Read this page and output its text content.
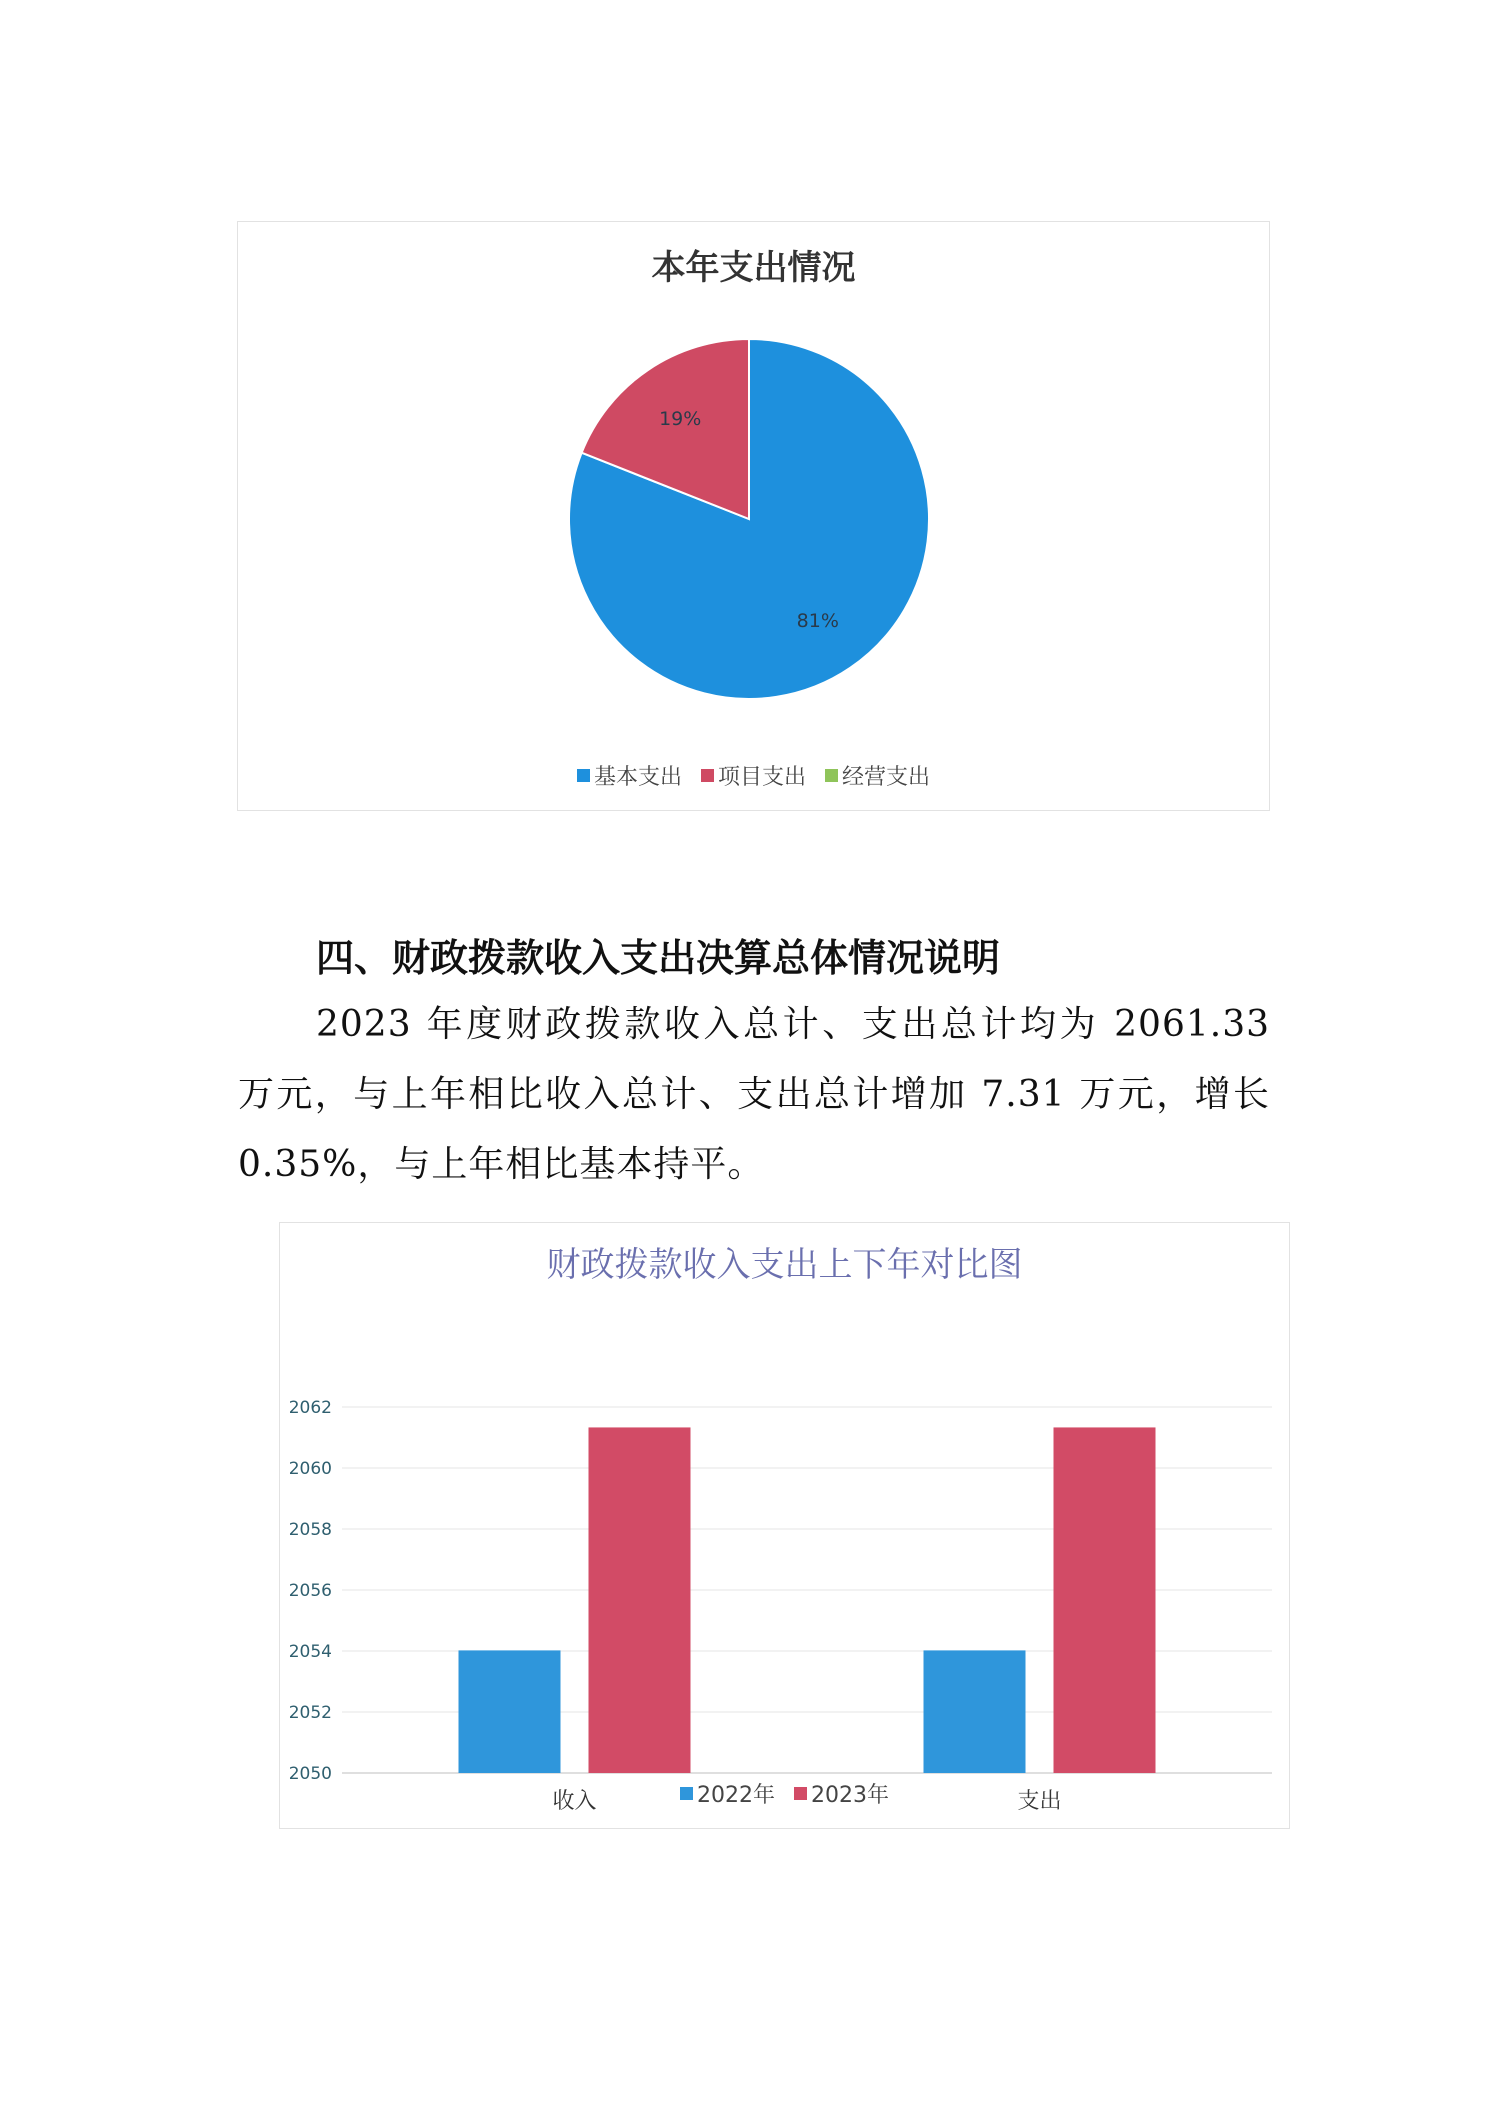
本年支出情况
81%
19%
基本支出
项目支出
经营支出
四、财政拨款收入支出决算总体情况说明
2023 年度财政拨款收入总计、支出总计均为 2061.33 万元，与上年相比收入总计、支出总计增加 7.31 万元，增长 0.35%，与上年相比基本持平。
财政拨款收入支出上下年对比图
2050
2052
2054
2056
2058
2060
2062
收入	支出
2022年
2023年
